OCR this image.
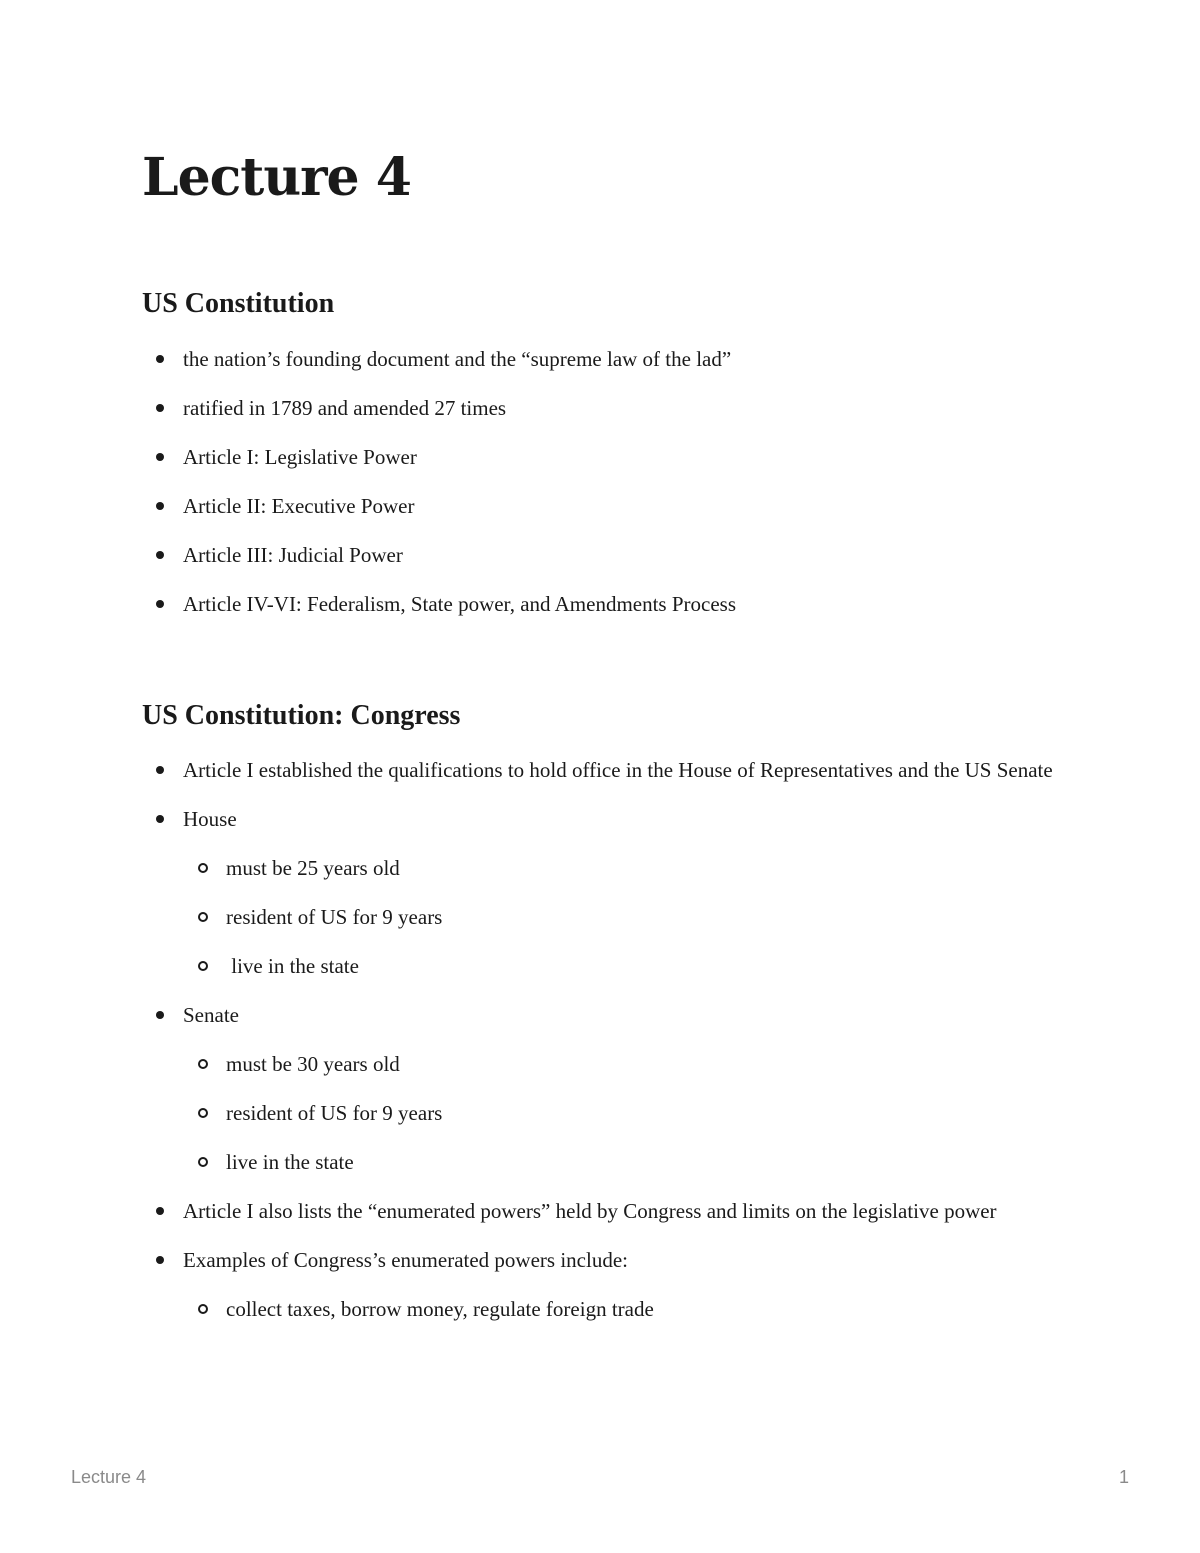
Lecture 4
US Constitution
the nation’s founding document and the “supreme law of the lad”
ratified in 1789 and amended 27 times
Article I: Legislative Power
Article II: Executive Power
Article III: Judicial Power
Article IV-VI: Federalism, State power, and Amendments Process
US Constitution: Congress
Article I established the qualifications to hold office in the House of Representatives and the US Senate
House
must be 25 years old
resident of US for 9 years
live in the state
Senate
must be 30 years old
resident of US for 9 years
live in the state
Article I also lists the “enumerated powers” held by Congress and limits on the legislative power
Examples of Congress’s enumerated powers include:
collect taxes, borrow money, regulate foreign trade
Lecture 4	1
